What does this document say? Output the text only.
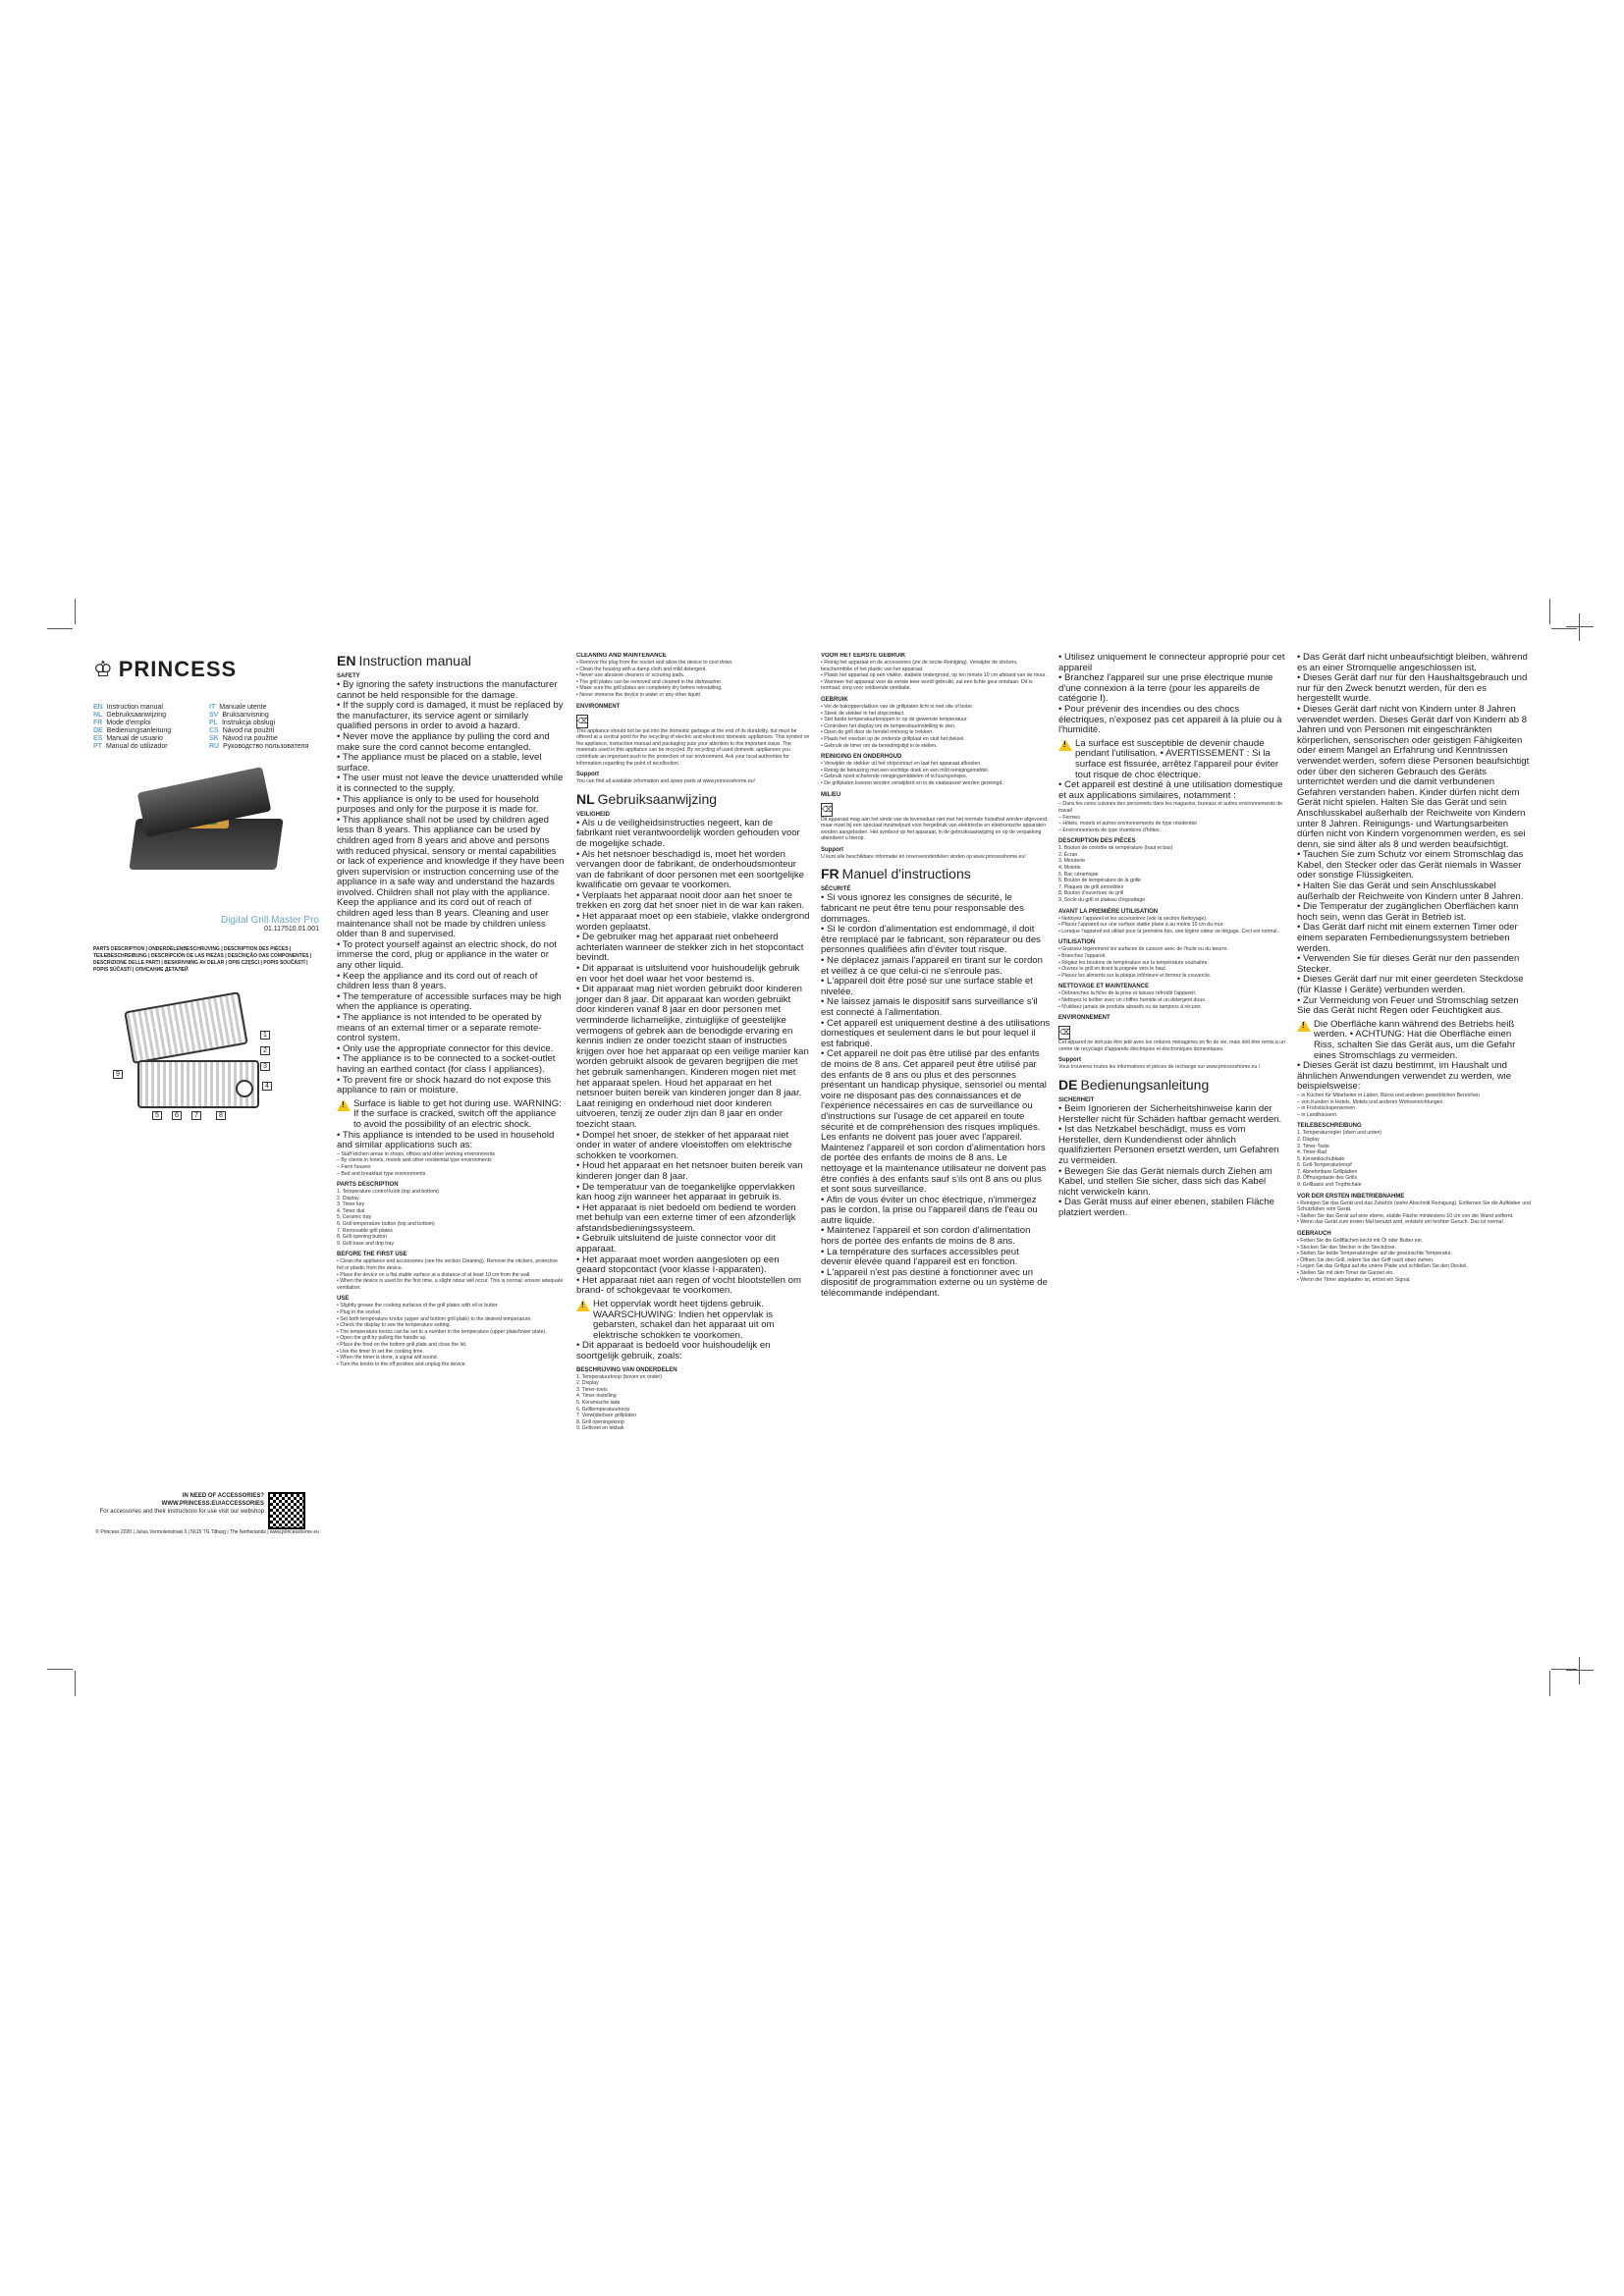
♔ PRINCESS
EN Instruction manual	IT Manuale utente
NL Gebruiksaanwijzing	SV Bruksanvisning
FR Mode d'emploi	PL Instrukcja obsługi
DE Bedienungsanleitung	CS Návod na použití
ES Manual de usuario	SK Návod na použitie
PT Manual do utilizador	RU Руководство пользователя
Digital Grill Master Pro
01.117510.01.001
PARTS DESCRIPTION | ONDERDELENBESCHRIJVING | DESCRIPTION DES PIÈCES | TEILEBESCHREIBUNG | DESCRIPCIÓN DE LAS PIEZAS | DESCRIÇÃO DAS COMPONENTES | DESCRIZIONE DELLE PARTI | BESKRIVNING AV DELAR | OPIS CZĘŚCI | POPIS SOUČÁSTÍ | POPIS SÚČASTÍ | ОПИСАНИЕ ДЕТАЛЕЙ
1
2
3
4
5	6	7	8
9
IN NEED OF ACCESSORIES?
WWW.PRINCESS.EU/ACCESSORIES
For accessories and their instructions for use visit our webshop
© Princess 2020 | Julius Vermolenstraat 3 | 5615 TG Tilburg | The Netherlands | www.princesshome.eu
EN Instruction manual
SAFETY

• By ignoring the safety instructions the manufacturer cannot be held responsible for the damage.

• If the supply cord is damaged, it must be replaced by the manufacturer, its service agent or similarly qualified persons in order to avoid a hazard.

• Never move the appliance by pulling the cord and make sure the cord cannot become entangled.

• The appliance must be placed on a stable, level surface.

• The user must not leave the device unattended while it is connected to the supply.

• This appliance is only to be used for household purposes and only for the purpose it is made for.

• This appliance shall not be used by children aged less than 8 years. This appliance can be used by children aged from 8 years and above and persons with reduced physical, sensory or mental capabilities or lack of experience and knowledge if they have been given supervision or instruction concerning use of the appliance in a safe way and understand the hazards involved. Children shall not play with the appliance. Keep the appliance and its cord out of reach of children aged less than 8 years. Cleaning and user maintenance shall not be made by children unless older than 8 and supervised.

• To protect yourself against an electric shock, do not immerse the cord, plug or appliance in the water or any other liquid.

• Keep the appliance and its cord out of reach of children less than 8 years.

• The temperature of accessible surfaces may be high when the appliance is operating.

• The appliance is not intended to be operated by means of an external timer or a separate remote-control system.

• Only use the appropriate connector for this device.

• The appliance is to be connected to a socket-outlet having an earthed contact (for class I appliances).

• To prevent fire or shock hazard do not expose this appliance to rain or moisture.

!
Surface is liable to get hot during use. WARNING: If the surface is cracked, switch off the appliance to avoid the possibility of an electric shock.
• This appliance is intended to be used in household and similar applications such as:

– Staff kitchen areas in shops, offices and other working environments

– By clients in hotels, motels and other residential type environments

– Farm houses

– Bed and breakfast type environments.

PARTS DESCRIPTION

1. Temperature control knob (top and bottom)

2. Display

3. Timer key

4. Timer dial

5. Ceramic tray

6. Grill temperature button (top and bottom)

7. Removable grill plates

8. Grill opening button

9. Grill base and drip tray

BEFORE THE FIRST USE

• Clean the appliance and accessories (see the section Cleaning). Remove the stickers, protective foil or plastic from the device.

• Place the device on a flat stable surface at a distance of at least 10 cm from the wall.

• When the device is used for the first time, a slight odour will occur. This is normal; ensure adequate ventilation.

USE

• Slightly grease the cooking surfaces of the grill plates with oil or butter.

• Plug in the socket.

• Set both temperature knobs (upper and bottom grill plate) to the desired temperature.

• Check the display to see the temperature setting.

• The temperature knobs can be set to a number in the temperature (upper plate/lower plate).

• Open the grill by pulling the handle up.

• Place the food on the bottom grill plate and close the lid.

• Use the timer to set the cooking time.

• When the timer is done, a signal will sound.

• Turn the knobs to the off position and unplug the device.

CLEANING AND MAINTENANCE

• Remove the plug from the socket and allow the device to cool down.

• Clean the housing with a damp cloth and mild detergent.

• Never use abrasive cleaners or scouring pads.

• The grill plates can be removed and cleaned in the dishwasher.

• Make sure the grill plates are completely dry before reinstalling.

• Never immerse the device in water or any other liquid.

ENVIRONMENT
⌫
This appliance should not be put into the domestic garbage at the end of its durability, but must be offered at a central point for the recycling of electric and electronic domestic appliances. This symbol on the appliance, instruction manual and packaging puts your attention to this important issue. The materials used in this appliance can be recycled. By recycling of used domestic appliances you contribute an important push to the protection of our environment. Ask your local authorities for information regarding the point of recollection.
Support
You can find all available information and spare parts at www.princesshome.eu!
NL Gebruiksaanwijzing
VEILIGHEID

• Als u de veiligheidsinstructies negeert, kan de fabrikant niet verantwoordelijk worden gehouden voor de mogelijke schade.

• Als het netsnoer beschadigd is, moet het worden vervangen door de fabrikant, de onderhoudsmonteur van de fabrikant of door personen met een soortgelijke kwalificatie om gevaar te voorkomen.

• Verplaats het apparaat nooit door aan het snoer te trekken en zorg dat het snoer niet in de war kan raken.

• Het apparaat moet op een stabiele, vlakke ondergrond worden geplaatst.

• De gebruiker mag het apparaat niet onbeheerd achterlaten wanneer de stekker zich in het stopcontact bevindt.

• Dit apparaat is uitsluitend voor huishoudelijk gebruik en voor het doel waar het voor bestemd is.

• Dit apparaat mag niet worden gebruikt door kinderen jonger dan 8 jaar. Dit apparaat kan worden gebruikt door kinderen vanaf 8 jaar en door personen met verminderde lichamelijke, zintuiglijke of geestelijke vermogens of gebrek aan de benodigde ervaring en kennis indien ze onder toezicht staan of instructies krijgen over hoe het apparaat op een veilige manier kan worden gebruikt alsook de gevaren begrijpen die met het gebruik samenhangen. Kinderen mogen niet met het apparaat spelen. Houd het apparaat en het netsnoer buiten bereik van kinderen jonger dan 8 jaar. Laat reiniging en onderhoud niet door kinderen uitvoeren, tenzij ze ouder zijn dan 8 jaar en onder toezicht staan.

• Dompel het snoer, de stekker of het apparaat niet onder in water of andere vloeistoffen om elektrische schokken te voorkomen.

• Houd het apparaat en het netsnoer buiten bereik van kinderen jonger dan 8 jaar.

• De temperatuur van de toegankelijke oppervlakken kan hoog zijn wanneer het apparaat in gebruik is.

• Het apparaat is niet bedoeld om bediend te worden met behulp van een externe timer of een afzonderlijk afstandsbedieningssysteem.

• Gebruik uitsluitend de juiste connector voor dit apparaat.

• Het apparaat moet worden aangesloten op een geaard stopcontact (voor klasse I-apparaten).

• Het apparaat niet aan regen of vocht blootstellen om brand- of schokgevaar te voorkomen.

!
Het oppervlak wordt heet tijdens gebruik. WAARSCHUWING: Indien het oppervlak is gebarsten, schakel dan het apparaat uit om elektrische schokken te voorkomen.
• Dit apparaat is bedoeld voor huishoudelijk en soortgelijk gebruik, zoals:
BESCHRIJVING VAN ONDERDELEN

1. Temperatuurknop (boven en onder)

2. Display

3. Timer-toets

4. Timer-instelling

5. Keramische lade

6. Grilltemperatuurknop

7. Verwijderbare grillplaten

8. Grill openingsknop

9. Grillvoet en lekbak

VOOR HET EERSTE GEBRUIK

• Reinig het apparaat en de accessoires (zie de sectie Reiniging). Verwijder de stickers, beschermfolie of het plastic van het apparaat.

• Plaats het apparaat op een vlakke, stabiele ondergrond, op ten minste 10 cm afstand van de muur.

• Wanneer het apparaat voor de eerste keer wordt gebruikt, zal een lichte geur ontstaan. Dit is normaal; zorg voor voldoende ventilatie.

GEBRUIK

• Vet de bakoppervlakken van de grillplaten licht in met olie of boter.

• Steek de stekker in het stopcontact.

• Stel beide temperatuurknoppen in op de gewenste temperatuur.

• Controleer het display om de temperatuurinstelling te zien.

• Open de grill door de hendel omhoog te trekken.

• Plaats het voedsel op de onderste grillplaat en sluit het deksel.

• Gebruik de timer om de bereidingstijd in te stellen.

REINIGING EN ONDERHOUD

• Verwijder de stekker uit het stopcontact en laat het apparaat afkoelen.

• Reinig de behuizing met een vochtige doek en een mild reinigingsmiddel.

• Gebruik nooit schurende reinigingsmiddelen of schuursponsjes.

• De grillplaten kunnen worden verwijderd en in de vaatwasser worden gereinigd.

MILIEU
⌫
Dit apparaat mag aan het einde van de levensduur niet met het normale huisafval worden afgevoerd, maar moet bij een speciaal inzamelpunt voor hergebruik van elektrische en elektronische apparaten worden aangeboden. Het symbool op het apparaat, in de gebruiksaanwijzing en op de verpakking attendeert u hierop.
Support
U kunt alle beschikbare informatie en reserveonderdelen vinden op www.princesshome.eu!
FR Manuel d'instructions
SÉCURITÉ

• Si vous ignorez les consignes de sécurité, le fabricant ne peut être tenu pour responsable des dommages.

• Si le cordon d'alimentation est endommagé, il doit être remplacé par le fabricant, son réparateur ou des personnes qualifiées afin d'éviter tout risque.

• Ne déplacez jamais l'appareil en tirant sur le cordon et veillez à ce que celui-ci ne s'enroule pas.

• L'appareil doit être posé sur une surface stable et nivelée.

• Ne laissez jamais le dispositif sans surveillance s'il est connecté à l'alimentation.

• Cet appareil est uniquement destiné à des utilisations domestiques et seulement dans le but pour lequel il est fabriqué.

• Cet appareil ne doit pas être utilisé par des enfants de moins de 8 ans. Cet appareil peut être utilisé par des enfants de 8 ans ou plus et des personnes présentant un handicap physique, sensoriel ou mental voire ne disposant pas des connaissances et de l'expérience nécessaires en cas de surveillance ou d'instructions sur l'usage de cet appareil en toute sécurité et de compréhension des risques impliqués. Les enfants ne doivent pas jouer avec l'appareil. Maintenez l'appareil et son cordon d'alimentation hors de portée des enfants de moins de 8 ans. Le nettoyage et la maintenance utilisateur ne doivent pas être confiés à des enfants sauf s'ils ont 8 ans ou plus et sont sous surveillance.

• Afin de vous éviter un choc électrique, n'immergez pas le cordon, la prise ou l'appareil dans de l'eau ou autre liquide.

• Maintenez l'appareil et son cordon d'alimentation hors de portée des enfants de moins de 8 ans.

• La température des surfaces accessibles peut devenir élevée quand l'appareil est en fonction.

• L'appareil n'est pas destiné à fonctionner avec un dispositif de programmation externe ou un système de télécommande indépendant.

• Utilisez uniquement le connecteur approprié pour cet appareil

• Branchez l'appareil sur une prise électrique munie d'une connexion à la terre (pour les appareils de catégorie I).

• Pour prévenir des incendies ou des chocs électriques, n'exposez pas cet appareil à la pluie ou à l'humidité.

!
La surface est susceptible de devenir chaude pendant l'utilisation. • AVERTISSEMENT : Si la surface est fissurée, arrêtez l'appareil pour éviter tout risque de choc électrique.
• Cet appareil est destiné à une utilisation domestique et aux applications similaires, notamment :

– Dans les coins cuisines des personnels dans les magasins, bureaux et autres environnements de travail

– Fermes

– Hôtels, motels et autres environnements de type résidentiel

– Environnements de type chambres d'hôtes.

DESCRIPTION DES PIÈCES

1. Bouton de contrôle de température (haut et bas)

2. Écran

3. Minuterie

4. Molette

5. Bac céramique

6. Bouton de température de la grille

7. Plaques de grill amovibles

8. Bouton d'ouverture du grill

9. Socle du grill et plateau d'égouttage

AVANT LA PREMIÈRE UTILISATION

• Nettoyez l'appareil et les accessoires (voir la section Nettoyage).

• Placez l'appareil sur une surface stable plane à au moins 10 cm du mur.

• Lorsque l'appareil est utilisé pour la première fois, une légère odeur se dégage. Ceci est normal.

UTILISATION

• Graissez légèrement les surfaces de cuisson avec de l'huile ou du beurre.

• Branchez l'appareil.

• Réglez les boutons de température sur la température souhaitée.

• Ouvrez le grill en tirant la poignée vers le haut.

• Placez les aliments sur la plaque inférieure et fermez le couvercle.

NETTOYAGE ET MAINTENANCE

• Débranchez la fiche de la prise et laissez refroidir l'appareil.

• Nettoyez le boîtier avec un chiffon humide et un détergent doux.

• N'utilisez jamais de produits abrasifs ou de tampons à récurer.

ENVIRONNEMENT
⌫
Cet appareil ne doit pas être jeté avec les ordures ménagères en fin de vie, mais doit être remis à un centre de recyclage d'appareils électriques et électroniques domestiques.
Support
Vous trouverez toutes les informations et pièces de rechange sur www.princesshome.eu !
DE Bedienungsanleitung
SICHERHEIT

• Beim Ignorieren der Sicherheitshinweise kann der Hersteller nicht für Schäden haftbar gemacht werden.

• Ist das Netzkabel beschädigt, muss es vom Hersteller, dem Kundendienst oder ähnlich qualifizierten Personen ersetzt werden, um Gefahren zu vermeiden.

• Bewegen Sie das Gerät niemals durch Ziehen am Kabel, und stellen Sie sicher, dass sich das Kabel nicht verwickeln kann.

• Das Gerät muss auf einer ebenen, stabilen Fläche platziert werden.

• Das Gerät darf nicht unbeaufsichtigt bleiben, während es an einer Stromquelle angeschlossen ist.

• Dieses Gerät darf nur für den Haushaltsgebrauch und nur für den Zweck benutzt werden, für den es hergestellt wurde.

• Dieses Gerät darf nicht von Kindern unter 8 Jahren verwendet werden. Dieses Gerät darf von Kindern ab 8 Jahren und von Personen mit eingeschränkten körperlichen, sensorischen oder geistigen Fähigkeiten oder einem Mangel an Erfahrung und Kenntnissen verwendet werden, sofern diese Personen beaufsichtigt oder über den sicheren Gebrauch des Geräts unterrichtet werden und die damit verbundenen Gefahren verstanden haben. Kinder dürfen nicht dem Gerät nicht spielen. Halten Sie das Gerät und sein Anschlusskabel außerhalb der Reichweite von Kindern unter 8 Jahren. Reinigungs- und Wartungsarbeiten dürfen nicht von Kindern vorgenommen werden, es sei denn, sie sind älter als 8 und werden beaufsichtigt.

• Tauchen Sie zum Schutz vor einem Stromschlag das Kabel, den Stecker oder das Gerät niemals in Wasser oder sonstige Flüssigkeiten.

• Halten Sie das Gerät und sein Anschlusskabel außerhalb der Reichweite von Kindern unter 8 Jahren.

• Die Temperatur der zugänglichen Oberflächen kann hoch sein, wenn das Gerät in Betrieb ist.

• Das Gerät darf nicht mit einem externen Timer oder einem separaten Fernbedienungssystem betrieben werden.

• Verwenden Sie für dieses Gerät nur den passenden Stecker.

• Dieses Gerät darf nur mit einer geerdeten Steckdose (für Klasse I Geräte) verbunden werden.

• Zur Vermeidung von Feuer und Stromschlag setzen Sie das Gerät nicht Regen oder Feuchtigkeit aus.

!
Die Oberfläche kann während des Betriebs heiß werden. • ACHTUNG: Hat die Oberfläche einen Riss, schalten Sie das Gerät aus, um die Gefahr eines Stromschlags zu vermeiden.
• Dieses Gerät ist dazu bestimmt, im Haushalt und ähnlichen Anwendungen verwendet zu werden, wie beispielsweise:

– in Küchen für Mitarbeiter in Läden, Büros und anderen gewerblichen Bereichen

– von Kunden in Hotels, Motels und anderen Wohneinrichtungen

– in Frühstückspensionen

– in Landhäusern.

TEILEBESCHREIBUNG

1. Temperaturregler (oben und unten)

2. Display

3. Timer-Taste

4. Timer-Rad

5. Keramikschublade

6. Grill-Temperaturknopf

7. Abnehmbare Grillplatten

8. Öffnungstaste des Grills

9. Grillbasis und Tropfschale

VOR DER ERSTEN INBETRIEBNAHME

• Reinigen Sie das Gerät und das Zubehör (siehe Abschnitt Reinigung). Entfernen Sie die Aufkleber und Schutzfolien vom Gerät.

• Stellen Sie das Gerät auf eine ebene, stabile Fläche mindestens 10 cm von der Wand entfernt.

• Wenn das Gerät zum ersten Mal benutzt wird, entsteht ein leichter Geruch. Das ist normal.

GEBRAUCH

• Fetten Sie die Grillflächen leicht mit Öl oder Butter ein.

• Stecken Sie den Stecker in die Steckdose.

• Stellen Sie beide Temperaturregler auf die gewünschte Temperatur.

• Öffnen Sie den Grill, indem Sie den Griff nach oben ziehen.

• Legen Sie das Grillgut auf die untere Platte und schließen Sie den Deckel.

• Stellen Sie mit dem Timer die Garzeit ein.

• Wenn der Timer abgelaufen ist, ertönt ein Signal.
